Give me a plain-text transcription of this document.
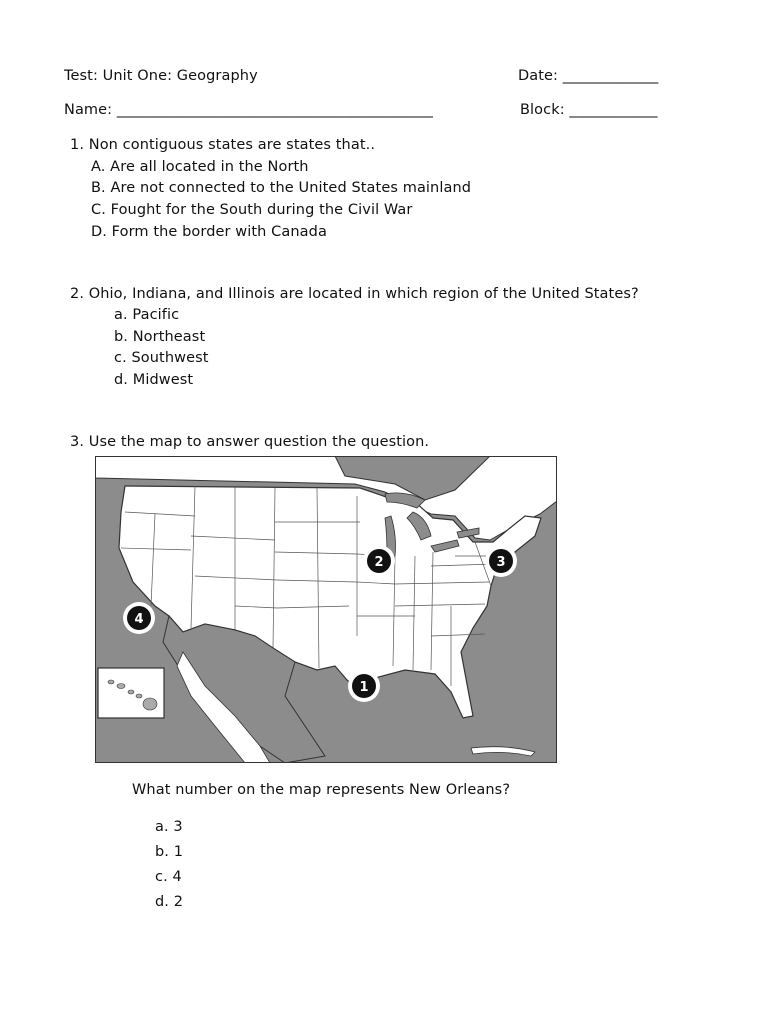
Test: Unit One: Geography	Date: _____________
Name: ___________________________________________	Block: ____________
1. Non contiguous states are states that..
A. Are all located in the North
B. Are not connected to the United States mainland
C. Fought for the South during the Civil War
D. Form the border with Canada
2. Ohio, Indiana, and Illinois are located in which region of the United States?
a. Pacific
b. Northeast
c. Southwest
d. Midwest
3. Use the map to answer question the question.
1
2	3
4
What number on the map represents New Orleans?
a. 3
b. 1
c. 4
d. 2
